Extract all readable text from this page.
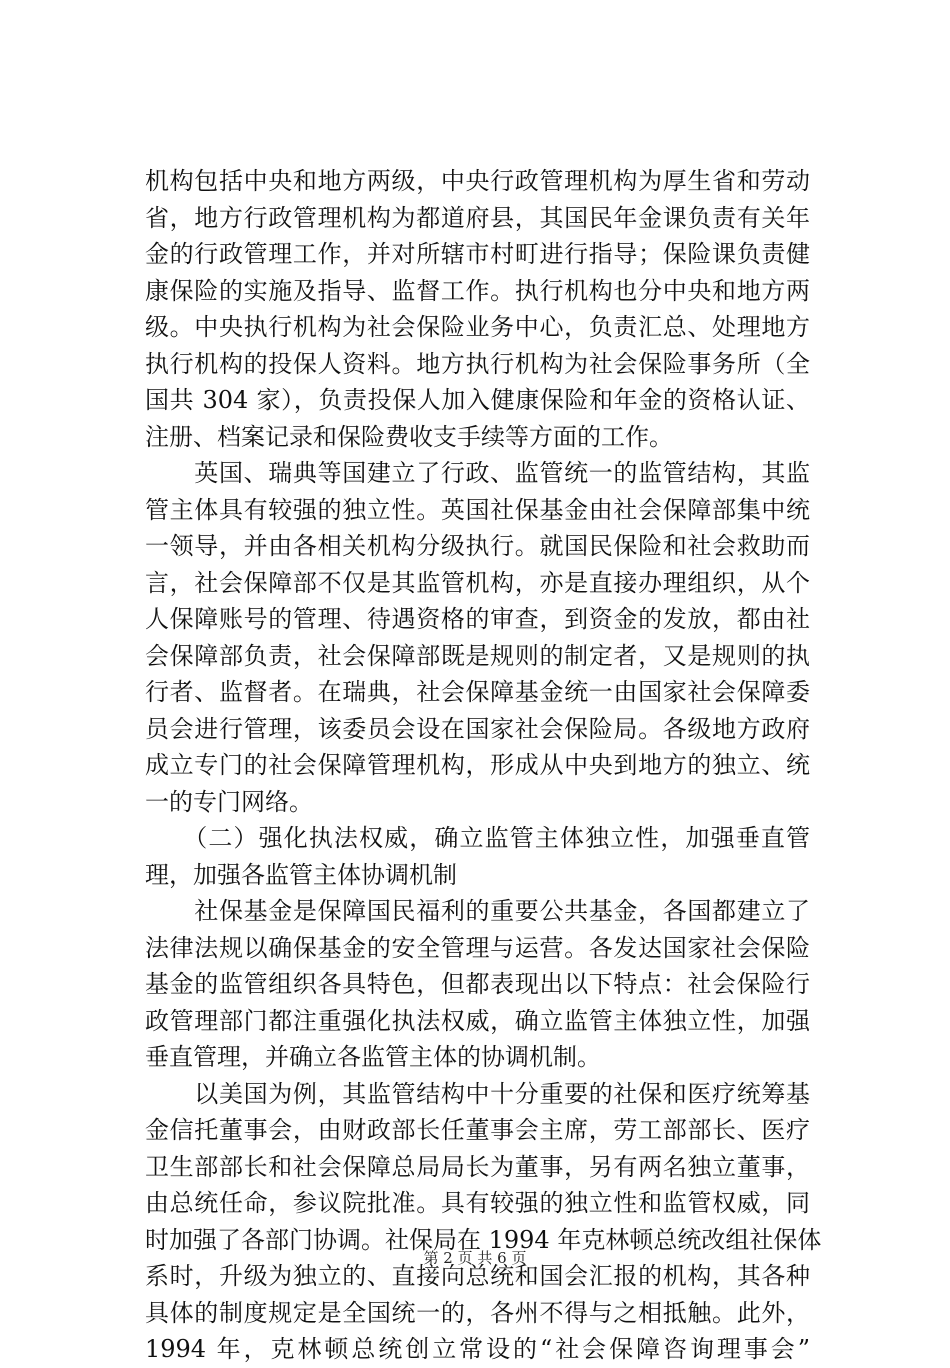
机构包括中央和地方两级，中央行政管理机构为厚生省和劳动
省，地方行政管理机构为都道府县，其国民年金课负责有关年
金的行政管理工作，并对所辖市村町进行指导；保险课负责健
康保险的实施及指导、监督工作。执行机构也分中央和地方两
级。中央执行机构为社会保险业务中心，负责汇总、处理地方
执行机构的投保人资料。地方执行机构为社会保险事务所（全
国共 304 家），负责投保人加入健康保险和年金的资格认证、
注册、档案记录和保险费收支手续等方面的工作。
　　英国、瑞典等国建立了行政、监管统一的监管结构，其监
管主体具有较强的独立性。英国社保基金由社会保障部集中统
一领导，并由各相关机构分级执行。就国民保险和社会救助而
言，社会保障部不仅是其监管机构，亦是直接办理组织，从个
人保障账号的管理、待遇资格的审查，到资金的发放，都由社
会保障部负责，社会保障部既是规则的制定者，又是规则的执
行者、监督者。在瑞典，社会保障基金统一由国家社会保障委
员会进行管理，该委员会设在国家社会保险局。各级地方政府
成立专门的社会保障管理机构，形成从中央到地方的独立、统
一的专门网络。
　　（二）强化执法权威，确立监管主体独立性，加强垂直管
理，加强各监管主体协调机制
　　社保基金是保障国民福利的重要公共基金，各国都建立了
法律法规以确保基金的安全管理与运营。各发达国家社会保险
基金的监管组织各具特色，但都表现出以下特点：社会保险行
政管理部门都注重强化执法权威，确立监管主体独立性，加强
垂直管理，并确立各监管主体的协调机制。
　　以美国为例，其监管结构中十分重要的社保和医疗统筹基
金信托董事会，由财政部长任董事会主席，劳工部部长、医疗
卫生部部长和社会保障总局局长为董事，另有两名独立董事，
由总统任命，参议院批准。具有较强的独立性和监管权威，同
时加强了各部门协调。社保局在 1994 年克林顿总统改组社保体
系时，升级为独立的、直接向总统和国会汇报的机构，其各种
具体的制度规定是全国统一的，各州不得与之相抵触。此外，
1994 年，克林顿总统创立常设的“社会保障咨询理事会”
第 2 页 共 6 页
